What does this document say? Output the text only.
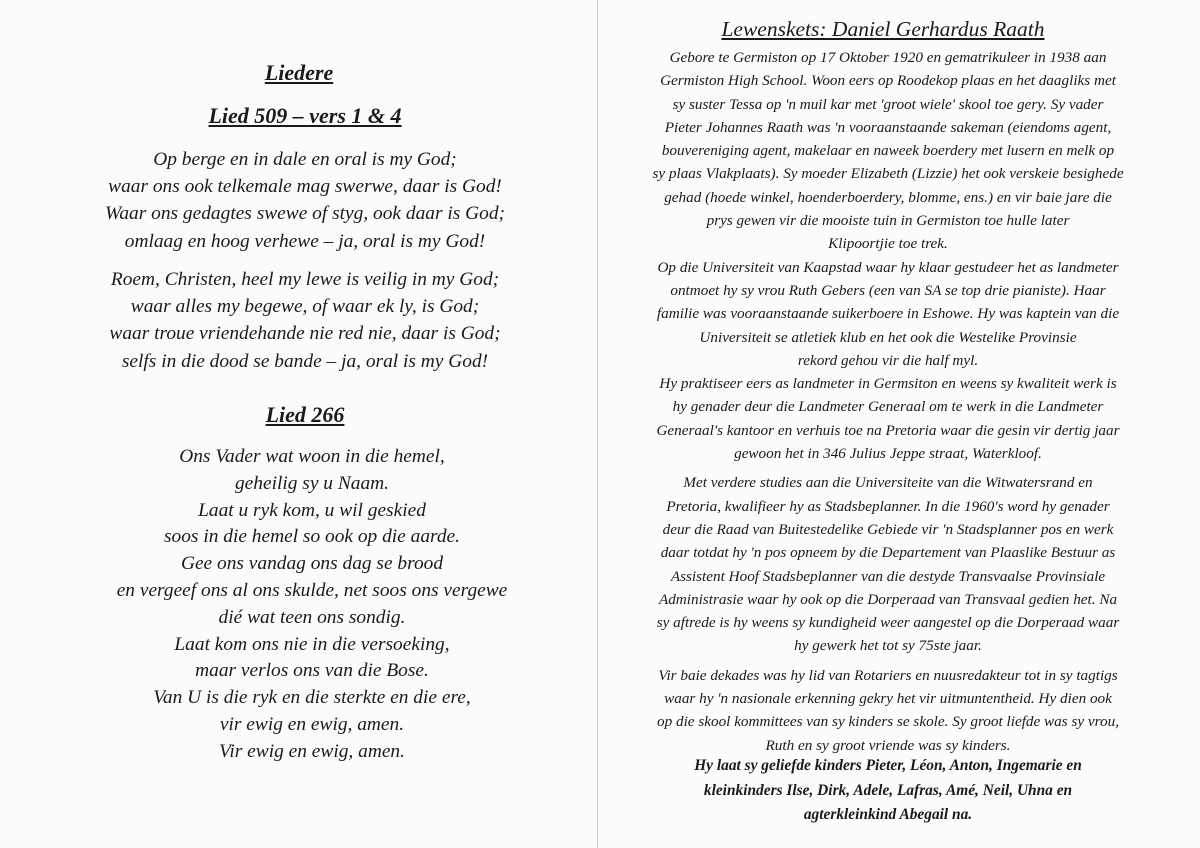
Liedere
Lied 509 – vers 1 & 4
Op berge en in dale en oral is my God;
waar ons ook telkemale mag swerwe, daar is God!
Waar ons gedagtes swewe of styg, ook daar is God;
omlaag en hoog verhewe – ja, oral is my God!
Roem, Christen, heel my lewe is veilig in my God;
waar alles my begewe, of waar ek ly, is God;
waar troue vriendehande nie red nie, daar is God;
selfs in die dood se bande – ja, oral is my God!
Lied 266
Ons Vader wat woon in die hemel,
geheilig sy u Naam.
Laat u ryk kom, u wil geskied
soos in die hemel so ook op die aarde.
Gee ons vandag ons dag se brood
en vergeef ons al ons skulde, net soos ons vergewe
dié wat teen ons sondig.
Laat kom ons nie in die versoeking,
maar verlos ons van die Bose.
Van U is die ryk en die sterkte en die ere,
vir ewig en ewig, amen.
Vir ewig en ewig, amen.
Lewenskets: Daniel Gerhardus Raath

Gebore te Germiston op 17 Oktober 1920 en gematrikuleer in 1938 aan
Germiston High School. Woon eers op Roodekop plaas en het daagliks met
sy suster Tessa op 'n muil kar met 'groot wiele' skool toe gery. Sy vader
Pieter Johannes Raath was 'n vooraanstaande sakeman (eiendoms agent,
bouvereniging agent, makelaar en naweek boerdery met lusern en melk op
sy plaas Vlakplaats). Sy moeder Elizabeth (Lizzie) het ook verskeie besighede
gehad (hoede winkel, hoenderboerdery, blomme, ens.) en vir baie jare die
prys gewen vir die mooiste tuin in Germiston toe hulle later
Klipoortjie toe trek.

Op die Universiteit van Kaapstad waar hy klaar gestudeer het as landmeter
ontmoet hy sy vrou Ruth Gebers (een van SA se top drie pianiste). Haar
familie was vooraanstaande suikerboere in Eshowe. Hy was kaptein van die
Universiteit se atletiek klub en het ook die Westelike Provinsie
rekord gehou vir die half myl.

Hy praktiseer eers as landmeter in Germsiton en weens sy kwaliteit werk is
hy genader deur die Landmeter Generaal om te werk in die Landmeter
Generaal's kantoor en verhuis toe na Pretoria waar die gesin vir dertig jaar
gewoon het in 346 Julius Jeppe straat, Waterkloof.

Met verdere studies aan die Universiteite van die Witwatersrand en
Pretoria, kwalifieer hy as Stadsbeplanner. In die 1960's word hy genader
deur die Raad van Buitestedelike Gebiede vir 'n Stadsplanner pos en werk
daar totdat hy 'n pos opneem by die Departement van Plaaslike Bestuur as
Assistent Hoof Stadsbeplanner van die destyde Transvaalse Provinsiale
Administrasie waar hy ook op die Dorperaad van Transvaal gedien het. Na
sy aftrede is hy weens sy kundigheid weer aangestel op die Dorperaad waar
hy gewerk het tot sy 75ste jaar.

Vir baie dekades was hy lid van Rotariers en nuusredakteur tot in sy tagtigs
waar hy 'n nasionale erkenning gekry het vir uitmuntentheid. Hy dien ook
op die skool kommittees van sy kinders se skole. Sy groot liefde was sy vrou,
Ruth en sy groot vriende was sy kinders.

Hy laat sy geliefde kinders Pieter, Léon, Anton, Ingemarie en
kleinkinders Ilse, Dirk, Adele, Lafras, Amé, Neil, Uhna en
agterkleinkind Abegail na.
